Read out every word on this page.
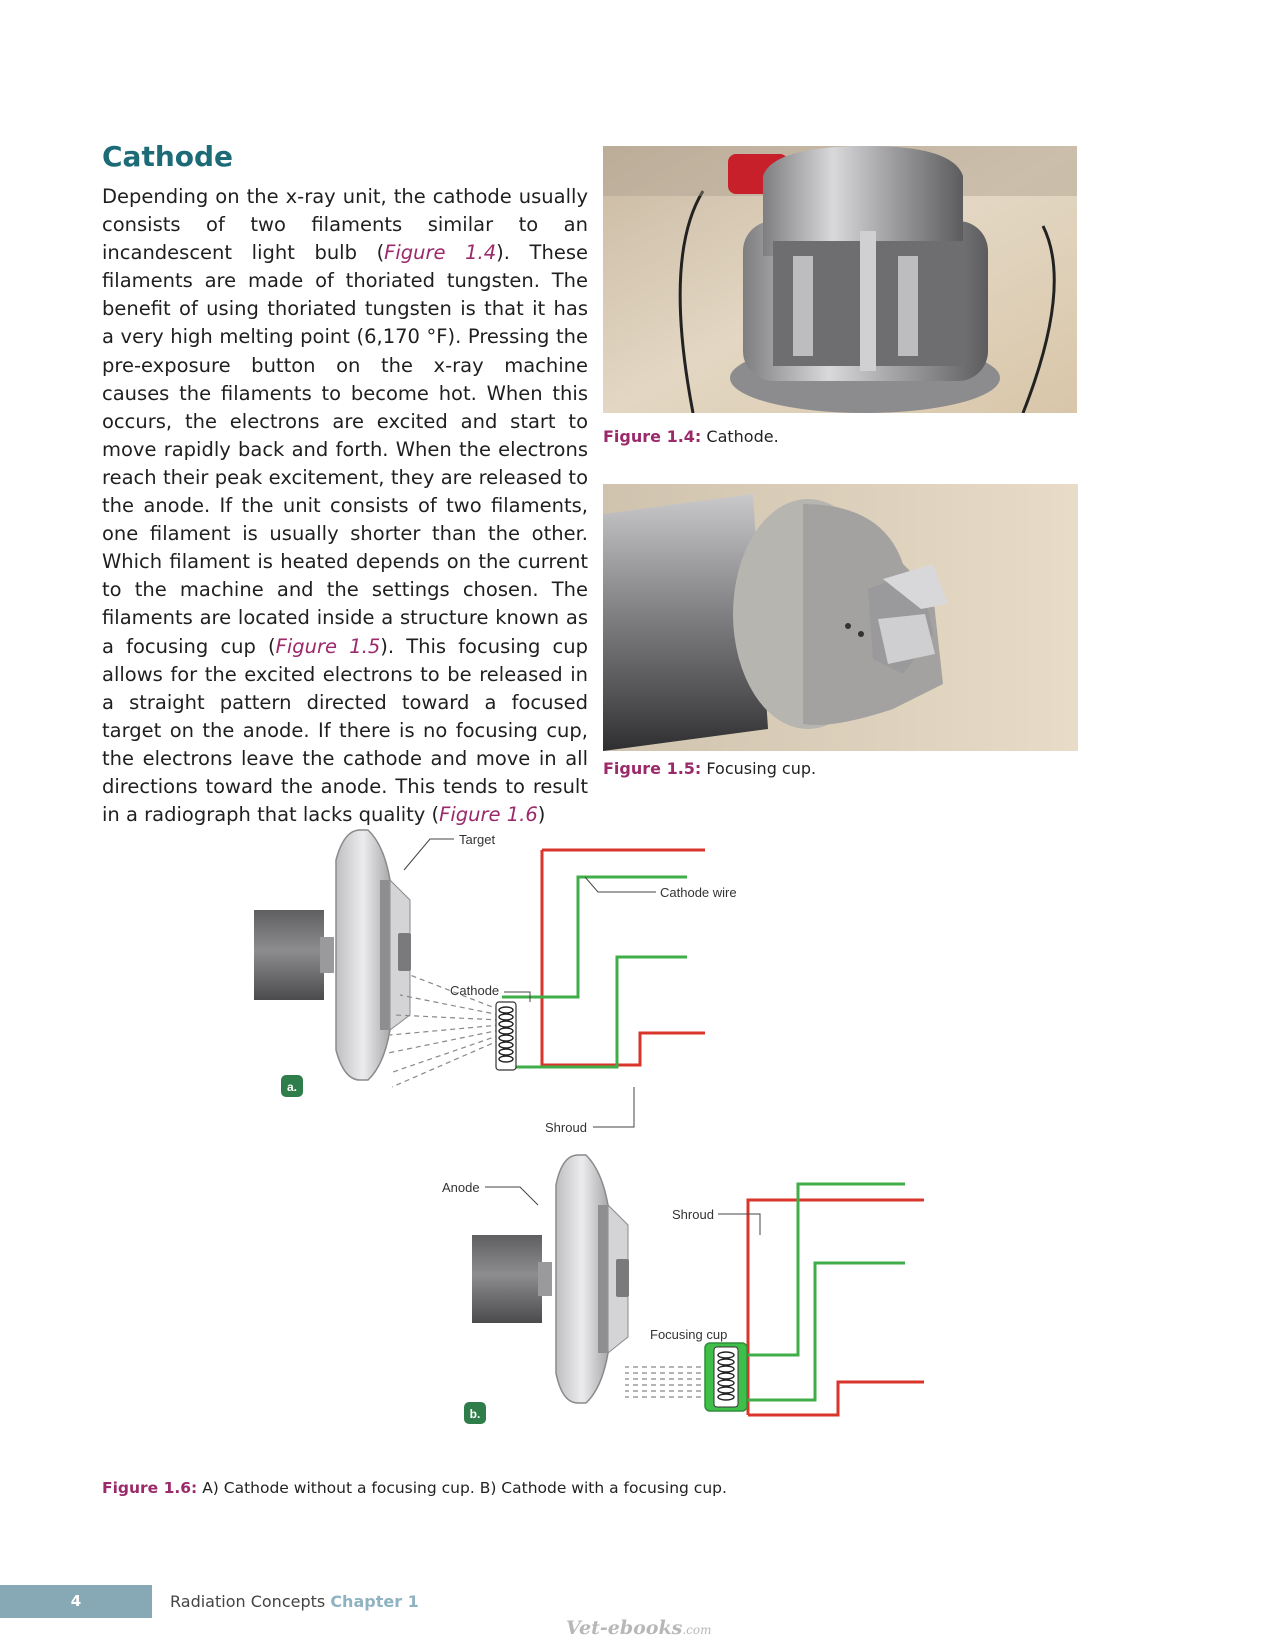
Cathode

Depending on the x-ray unit, the cathode usually consists of two filaments similar to an incandescent light bulb (Figure 1.4). These filaments are made of thoriated tungsten. The benefit of using thoriated tungsten is that it has a very high melting point (6,170 °F). Pressing the pre-exposure button on the x-ray machine causes the filaments to become hot. When this occurs, the electrons are excited and start to move rapidly back and forth. When the electrons reach their peak excitement, they are released to the anode. If the unit consists of two filaments, one filament is usually shorter than the other. Which filament is heated depends on the current to the machine and the settings chosen. The filaments are located inside a structure known as a focusing cup (Figure 1.5). This focusing cup allows for the excited electrons to be released in a straight pattern directed toward a focused target on the anode. If there is no focusing cup, the electrons leave the cathode and move in all directions toward the anode. This tends to result in a radiograph that lacks quality (Figure 1.6)

Figure 1.4: Cathode.
Figure 1.5: Focusing cup.
Target
Cathode wire
Cathode
Shroud
a.
Anode
Shroud
Focusing cup
b.
Figure 1.6: A) Cathode without a focusing cup. B) Cathode with a focusing cup.
4	Radiation Concepts Chapter 1
Vet-ebooks.com
